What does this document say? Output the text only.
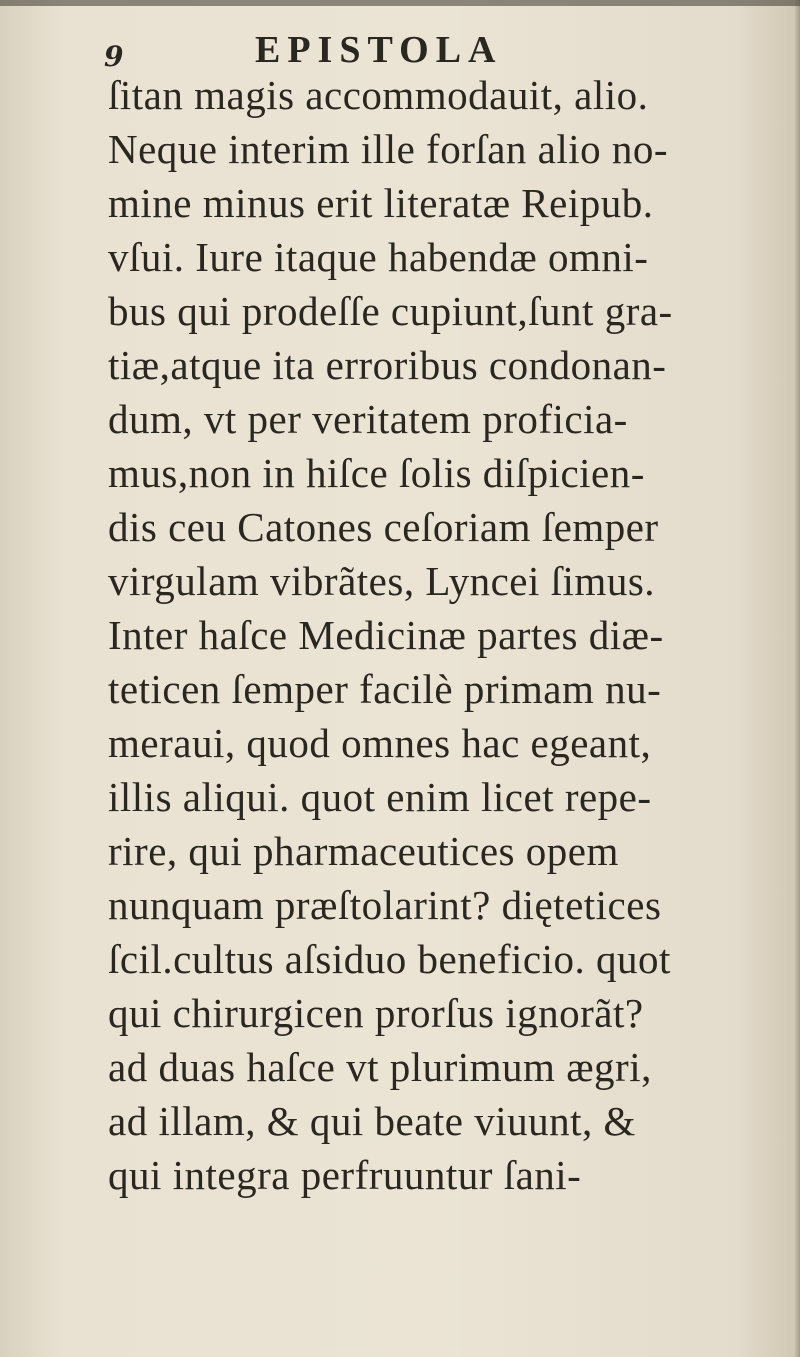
9	EPISTOLA
ſitan magis accommodauit, alio.
Neque interim ille forſan alio no-
mine minus erit literatæ Reipub.
vſui. Iure itaque habendæ omni-
bus qui prodeſſe cupiunt,ſunt gra-
tiæ,atque ita erroribus condonan-
dum, vt per veritatem proficia-
mus,non in hiſce ſolis diſpicien-
dis ceu Catones ceſoriam ſemper
virgulam vibrãtes, Lyncei ſimus.
Inter haſce Medicinæ partes diæ-
teticen ſemper facilè primam nu-
meraui, quod omnes hac egeant,
illis aliqui. quot enim licet repe-
rire, qui pharmaceutices opem
nunquam præſtolarint? diętetices
ſcil.cultus aſsiduo beneficio. quot
qui chirurgicen prorſus ignorãt?
ad duas haſce vt plurimum ægri,
ad illam, & qui beate viuunt, &
qui integra perfruuntur ſani-
